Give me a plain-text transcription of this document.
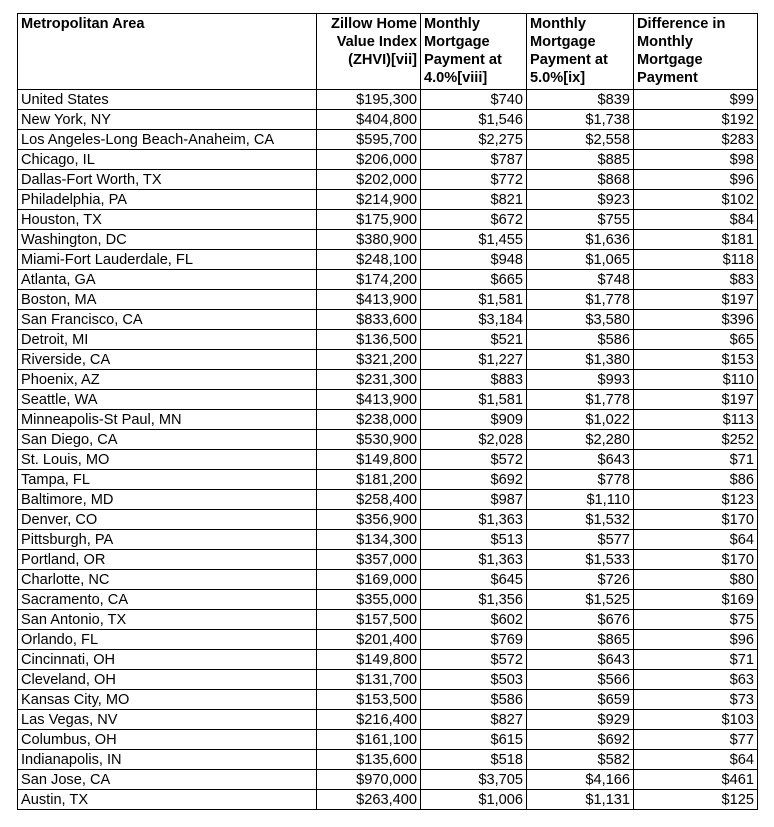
Metropolitan Area	Zillow Home Value Index (ZHVI)[vii]	Monthly Mortgage Payment at 4.0%[viii]	Monthly Mortgage Payment at 5.0%[ix]	Difference in Monthly Mortgage Payment
United States	$195,300	$740	$839	$99
New York, NY	$404,800	$1,546	$1,738	$192
Los Angeles-Long Beach-Anaheim, CA	$595,700	$2,275	$2,558	$283
Chicago, IL	$206,000	$787	$885	$98
Dallas-Fort Worth, TX	$202,000	$772	$868	$96
Philadelphia, PA	$214,900	$821	$923	$102
Houston, TX	$175,900	$672	$755	$84
Washington, DC	$380,900	$1,455	$1,636	$181
Miami-Fort Lauderdale, FL	$248,100	$948	$1,065	$118
Atlanta, GA	$174,200	$665	$748	$83
Boston, MA	$413,900	$1,581	$1,778	$197
San Francisco, CA	$833,600	$3,184	$3,580	$396
Detroit, MI	$136,500	$521	$586	$65
Riverside, CA	$321,200	$1,227	$1,380	$153
Phoenix, AZ	$231,300	$883	$993	$110
Seattle, WA	$413,900	$1,581	$1,778	$197
Minneapolis-St Paul, MN	$238,000	$909	$1,022	$113
San Diego, CA	$530,900	$2,028	$2,280	$252
St. Louis, MO	$149,800	$572	$643	$71
Tampa, FL	$181,200	$692	$778	$86
Baltimore, MD	$258,400	$987	$1,110	$123
Denver, CO	$356,900	$1,363	$1,532	$170
Pittsburgh, PA	$134,300	$513	$577	$64
Portland, OR	$357,000	$1,363	$1,533	$170
Charlotte, NC	$169,000	$645	$726	$80
Sacramento, CA	$355,000	$1,356	$1,525	$169
San Antonio, TX	$157,500	$602	$676	$75
Orlando, FL	$201,400	$769	$865	$96
Cincinnati, OH	$149,800	$572	$643	$71
Cleveland, OH	$131,700	$503	$566	$63
Kansas City, MO	$153,500	$586	$659	$73
Las Vegas, NV	$216,400	$827	$929	$103
Columbus, OH	$161,100	$615	$692	$77
Indianapolis, IN	$135,600	$518	$582	$64
San Jose, CA	$970,000	$3,705	$4,166	$461
Austin, TX	$263,400	$1,006	$1,131	$125
